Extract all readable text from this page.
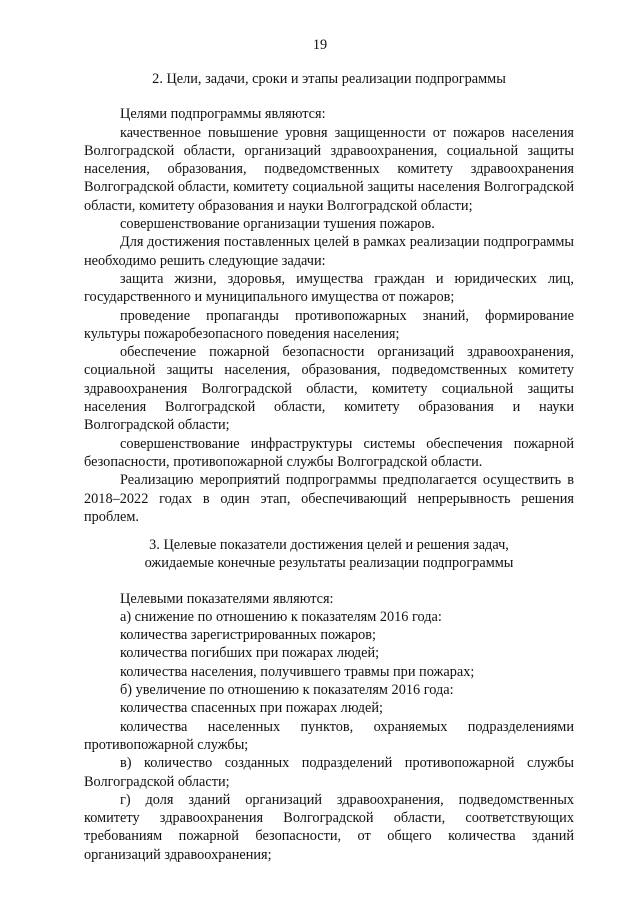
19
2. Цели, задачи, сроки и этапы реализации подпрограммы

Целями подпрограммы являются:

качественное повышение уровня защищенности от пожаров населения Волгоградской области, организаций здравоохранения, социальной защиты населения, образования, подведомственных комитету здравоохранения Волгоградской области, комитету социальной защиты населения Волгоградской области, комитету образования и науки Волгоградской области;

совершенствование организации тушения пожаров.

Для достижения поставленных целей в рамках реализации подпрограммы необходимо решить следующие задачи:

защита жизни, здоровья, имущества граждан и юридических лиц, государственного и муниципального имущества от пожаров;

проведение пропаганды противопожарных знаний, формирование культуры пожаробезопасного поведения населения;

обеспечение пожарной безопасности организаций здравоохранения, социальной защиты населения, образования, подведомственных комитету здравоохранения Волгоградской области, комитету социальной защиты населения Волгоградской области, комитету образования и науки Волгоградской области;

совершенствование инфраструктуры системы обеспечения пожарной безопасности, противопожарной службы Волгоградской области.

Реализацию мероприятий подпрограммы предполагается осуществить в 2018–2022 годах в один этап, обеспечивающий непрерывность решения проблем.

3. Целевые показатели достижения целей и решения задач,
ожидаемые конечные результаты реализации подпрограммы

Целевыми показателями являются:

а) снижение по отношению к показателям 2016 года:

количества зарегистрированных пожаров;

количества погибших при пожарах людей;

количества населения, получившего травмы при пожарах;

б) увеличение по отношению к показателям 2016 года:

количества спасенных при пожарах людей;

количества населенных пунктов, охраняемых подразделениями противопожарной службы;

в) количество созданных подразделений противопожарной службы Волгоградской области;

г) доля зданий организаций здравоохранения, подведомственных комитету здравоохранения Волгоградской области, соответствующих требованиям пожарной безопасности, от общего количества зданий организаций здравоохранения;
